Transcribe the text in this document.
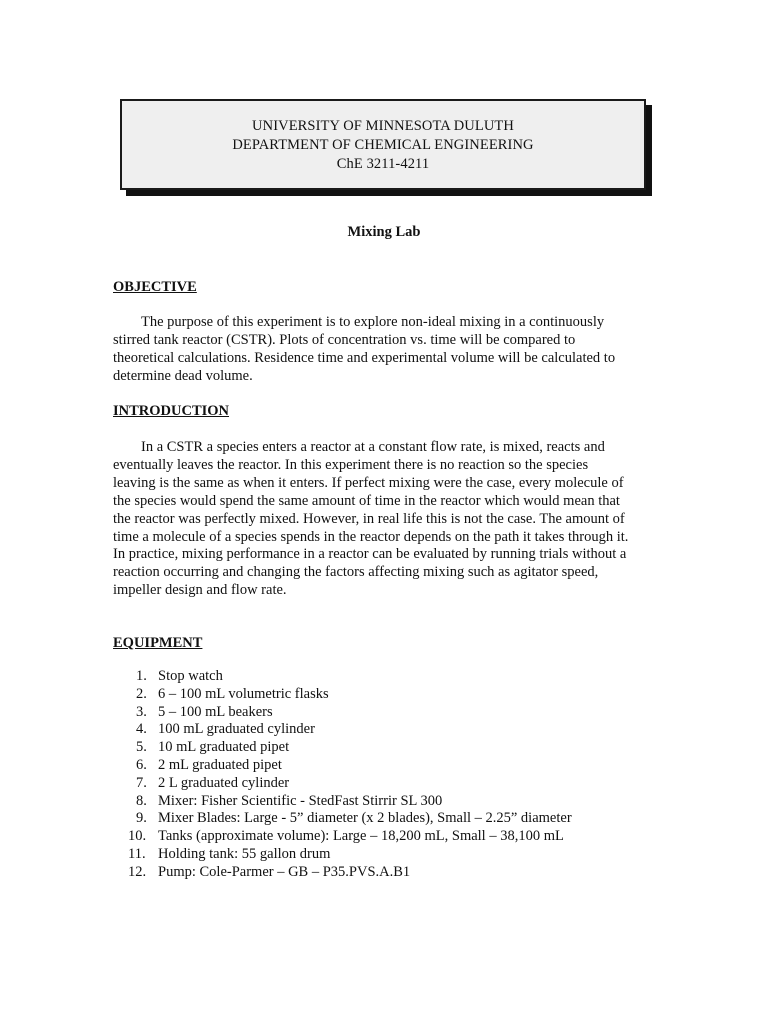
UNIVERSITY OF MINNESOTA DULUTH
DEPARTMENT OF CHEMICAL ENGINEERING
ChE 3211-4211
Mixing Lab
OBJECTIVE
The purpose of this experiment is to explore non-ideal mixing in a continuously
stirred tank reactor (CSTR). Plots of concentration vs. time will be compared to
theoretical calculations. Residence time and experimental volume will be calculated to
determine dead volume.
INTRODUCTION
In a CSTR a species enters a reactor at a constant flow rate, is mixed, reacts and
eventually leaves the reactor. In this experiment there is no reaction so the species
leaving is the same as when it enters. If perfect mixing were the case, every molecule of
the species would spend the same amount of time in the reactor which would mean that
the reactor was perfectly mixed. However, in real life this is not the case. The amount of
time a molecule of a species spends in the reactor depends on the path it takes through it.
In practice, mixing performance in a reactor can be evaluated by running trials without a
reaction occurring and changing the factors affecting mixing such as agitator speed,
impeller design and flow rate.
EQUIPMENT
1. Stop watch
2. 6 – 100 mL volumetric flasks
3. 5 – 100 mL beakers
4. 100 mL graduated cylinder
5. 10 mL graduated pipet
6. 2 mL graduated pipet
7. 2 L graduated cylinder
8. Mixer: Fisher Scientific - StedFast Stirrir SL 300
9. Mixer Blades: Large - 5” diameter (x 2 blades), Small – 2.25” diameter
10. Tanks (approximate volume): Large – 18,200 mL, Small – 38,100 mL
11. Holding tank: 55 gallon drum
12. Pump: Cole-Parmer – GB – P35.PVS.A.B1
